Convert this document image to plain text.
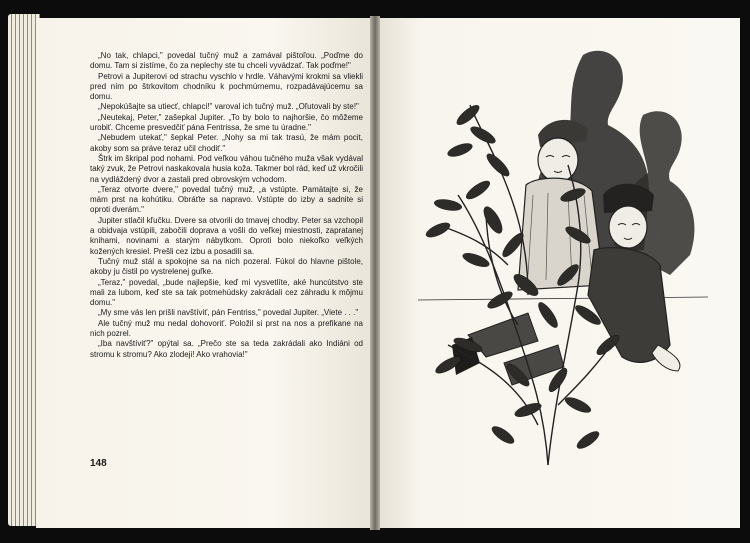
„No tak, chlapci," povedal tučný muž a zamával pištoľou. „Poďme do domu. Tam si zistíme, čo za neplechy ste tu chceli vyvádzať. Tak poďme!"

Petrovi a Jupiterovi od strachu vyschlo v hrdle. Váhavými krokmi sa vliekli pred ním po štrkovitom chodníku k pochmúrnemu, rozpadávajúcemu sa domu.

„Nepokúšajte sa utiecť, chlapci!" varoval ich tučný muž. „Oľutovali by ste!"

„Neutekaj, Peter," zašepkal Jupiter. „To by bolo to najhoršie, čo môžeme urobiť. Chceme presvedčiť pána Fentrissa, že sme tu úradne."

„Nebudem utekať," šepkal Peter. „Nohy sa mi tak trasú, že mám pocit, akoby som sa práve teraz učil chodiť."

Štrk im škripal pod nohami. Pod veľkou váhou tučného muža však vydával taký zvuk, že Petrovi naskakovala husia koža. Takmer bol rád, keď už vkročili na vydláždený dvor a zastali pred obrovským vchodom.

„Teraz otvorte dvere," povedal tučný muž, „a vstúpte. Pamätajte si, že mám prst na kohútiku. Obráťte sa napravo. Vstúpte do izby a sadnite si oproti dverám."

Jupiter stlačil kľučku. Dvere sa otvorili do tmavej chodby. Peter sa vzchopil a obidvaja vstúpili, zabočili doprava a vošli do veľkej miestnosti, zapratanej knihami, novinami a starým nábytkom. Oproti bolo niekoľko veľkých kožených kresiel. Prešli cez izbu a posadili sa.

Tučný muž stál a spokojne sa na nich pozeral. Fúkol do hlavne pištole, akoby ju čistil po vystrelenej guľke.

„Teraz," povedal, „bude najlepšie, keď mi vysvetlíte, aké huncútstvo ste mali za lubom, keď ste sa tak potmehúdsky zakrádali cez záhradu k môjmu domu."

„My sme vás len prišli navštíviť, pán Fentriss," povedal Jupiter. „Viete . . ."

Ale tučný muž mu nedal dohovoriť. Položil si prst na nos a prefikane na nich pozrel.

„Iba navštíviť?" opýtal sa. „Prečo ste sa teda zakrádali ako Indiáni od stromu k stromu? Ako zlodeji! Ako vrahovia!"

148
